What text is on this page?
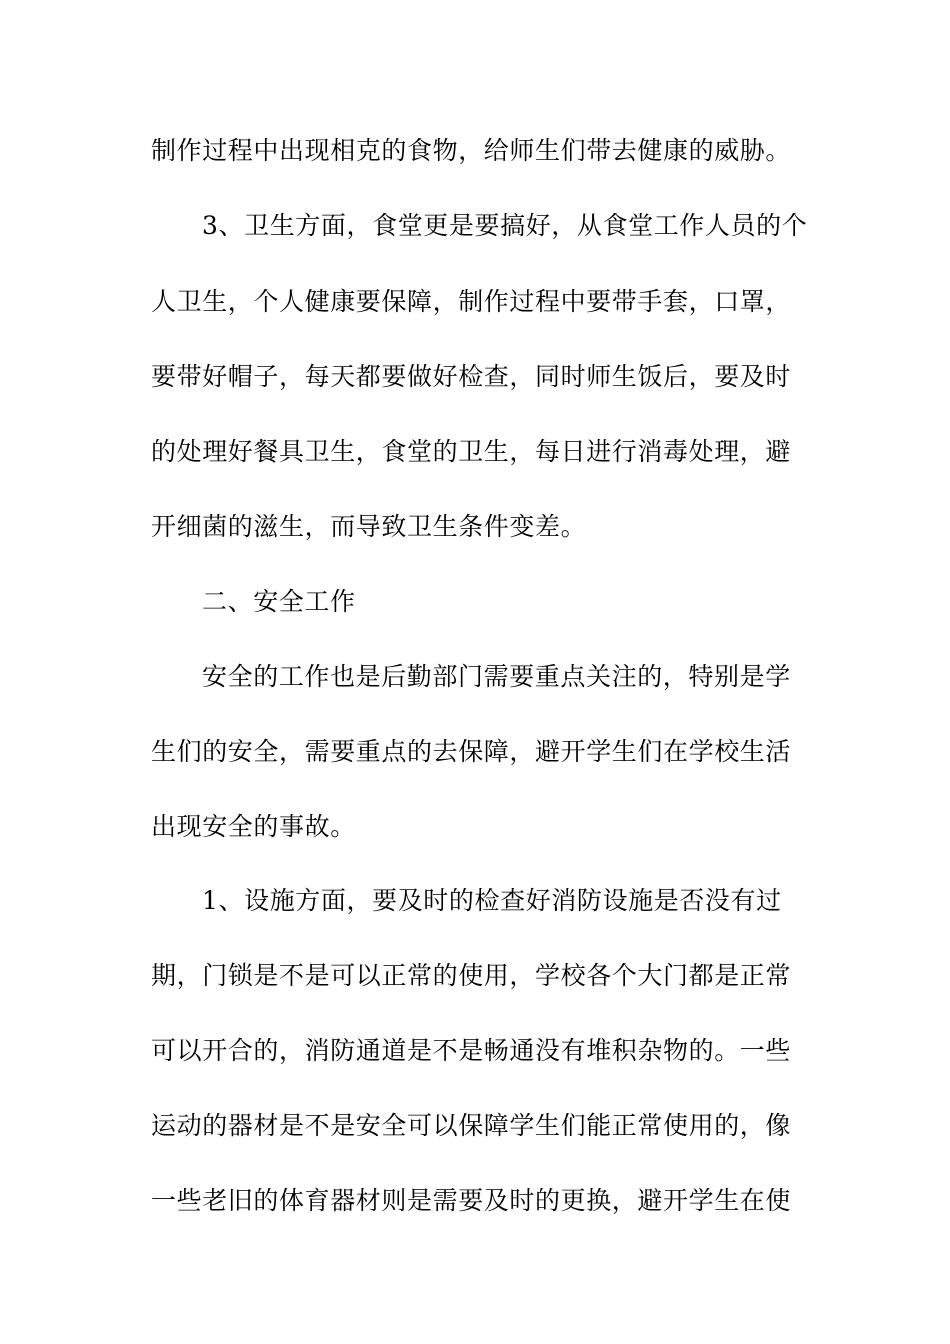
制作过程中出现相克的食物，给师生们带去健康的威胁。
3、卫生方面，食堂更是要搞好，从食堂工作人员的个
人卫生，个人健康要保障，制作过程中要带手套，口罩，
要带好帽子，每天都要做好检查，同时师生饭后，要及时
的处理好餐具卫生，食堂的卫生，每日进行消毒处理，避
开细菌的滋生，而导致卫生条件变差。
二、安全工作
安全的工作也是后勤部门需要重点关注的，特别是学
生们的安全，需要重点的去保障，避开学生们在学校生活
出现安全的事故。
1、设施方面，要及时的检查好消防设施是否没有过
期，门锁是不是可以正常的使用，学校各个大门都是正常
可以开合的，消防通道是不是畅通没有堆积杂物的。一些
运动的器材是不是安全可以保障学生们能正常使用的，像
一些老旧的体育器材则是需要及时的更换，避开学生在使
